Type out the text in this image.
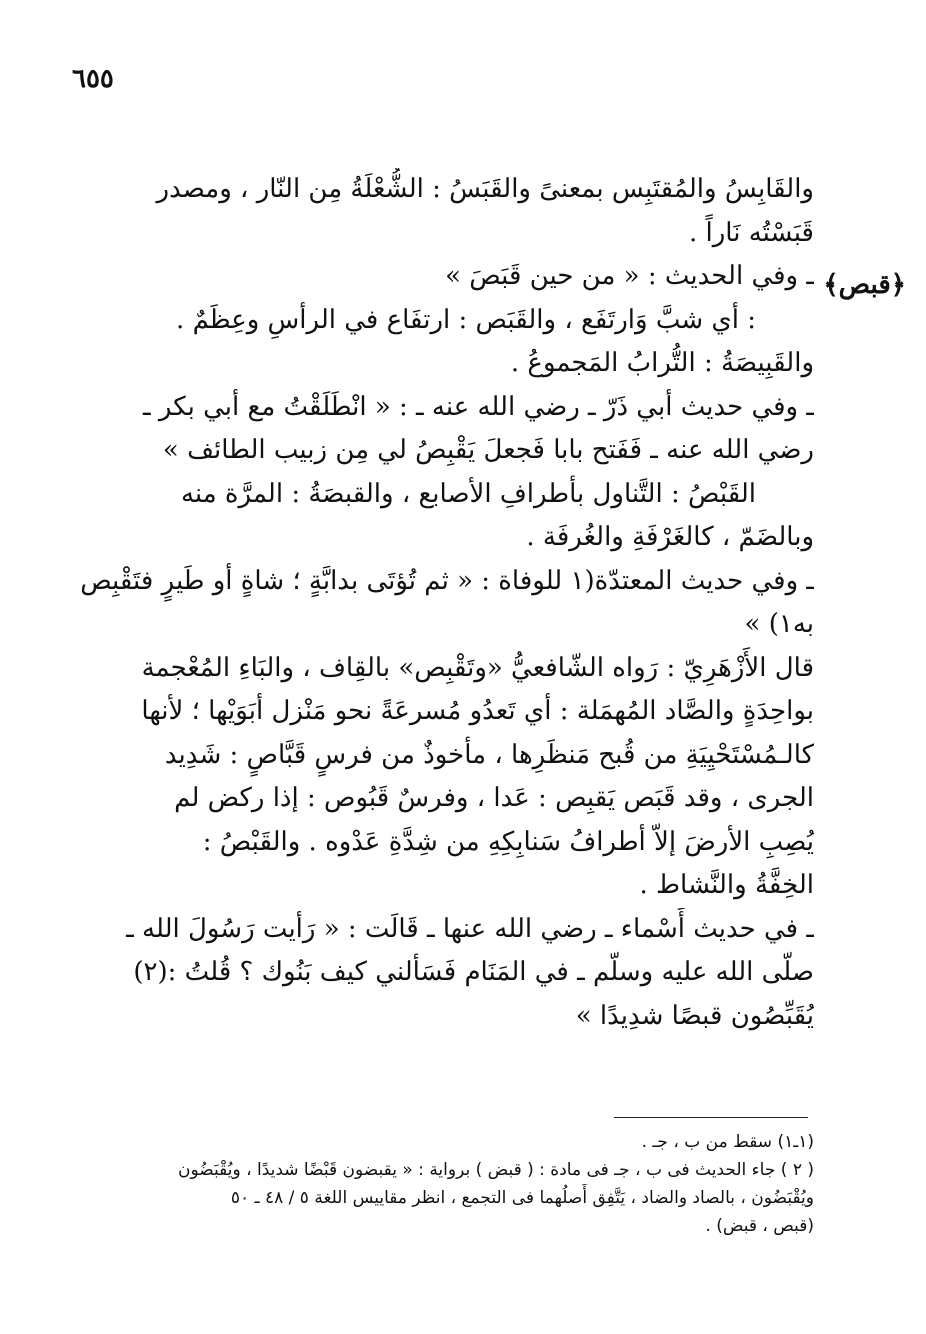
٦٥٥
﴿قبص﴾
والقَابِسُ والمُقتَبِس بمعنىً والقَبَسُ : الشُّعْلَةُ مِن النّار ، ومصدر
قَبَسْتُه نَاراً .
ـ وفي الحديث : « من حين قَبَصَ »
: أي شبَّ وَارتَفَع ، والقَبَص : ارتفَاع في الرأسِ وعِظَمٌ .
والقَبِيصَةُ : التُّرابُ المَجموعُ .
ـ وفي حديث أبي ذَرّ ـ رضي الله عنه ـ : « انْطَلَقْتُ مع أبي بكر ـ
رضي الله عنه ـ فَفَتح بابا فَجعلَ يَقْبِصُ لي مِن زبيب الطائف »
القَبْصُ : التَّناول بأطرافِ الأصابع ، والقبصَةُ : المرَّة منه
وبالضَمّ ، كالغَرْفَةِ والغُرفَة .
ـ وفي حديث المعتدّة(١ للوفاة : « ثم تُؤتَى بدابَّةٍ ؛ شاةٍ أو طَيرٍ فتَقْبِص
به١) »
قال الأَزْهَرِيّ : رَواه الشّافعيُّ «وتَقْبِص» بالقِاف ، والبَاءِ المُعْجمة
بواحِدَةٍ والصَّاد المُهمَلة : أي تَعدُو مُسرعَةً نحو مَنْزل أبَوَيْها ؛ لأنها
كالـمُسْتَحْيِيَةِ من قُبح مَنظَرِها ، مأخوذٌ من فرسٍ قَبَّاصٍ : شَدِيد
الجرى ، وقد قَبَص يَقبِص : عَدا ، وفرسٌ قَبُوص : إذا ركض لم
يُصِبِ الأرضَ إلاّ أطرافُ سَنابِكِهِ من شِدَّةِ عَدْوه . والقَبْصُ :
الخِفَّةُ والنَّشاط .
ـ في حديث أَسْماء ـ رضي الله عنها ـ قَالَت : « رَأيت رَسُولَ الله ـ
صلّى الله عليه وسلّم ـ في المَنَام فَسَألني كيف بَنُوك ؟ قُلتُ :(٢)
يُقَبِّصُون قبصًا شدِيدًا »
(١ـ١) سقط من ب ، جـ .
( ٢ ) جاء الحديث فى ب ، جـ فى مادة : ( قبض ) برواية : « يقبضون قَبْضًا شديدًا ، ويُقْبَضُون
ويُقْبَضُون ، بالصاد والضاد ، يَتَّفِق أَصلُهما فى التجمع ، انظر مقاييس اللغة ٥ / ٤٨ ـ ٥٠
(قبص ، قبض) .
